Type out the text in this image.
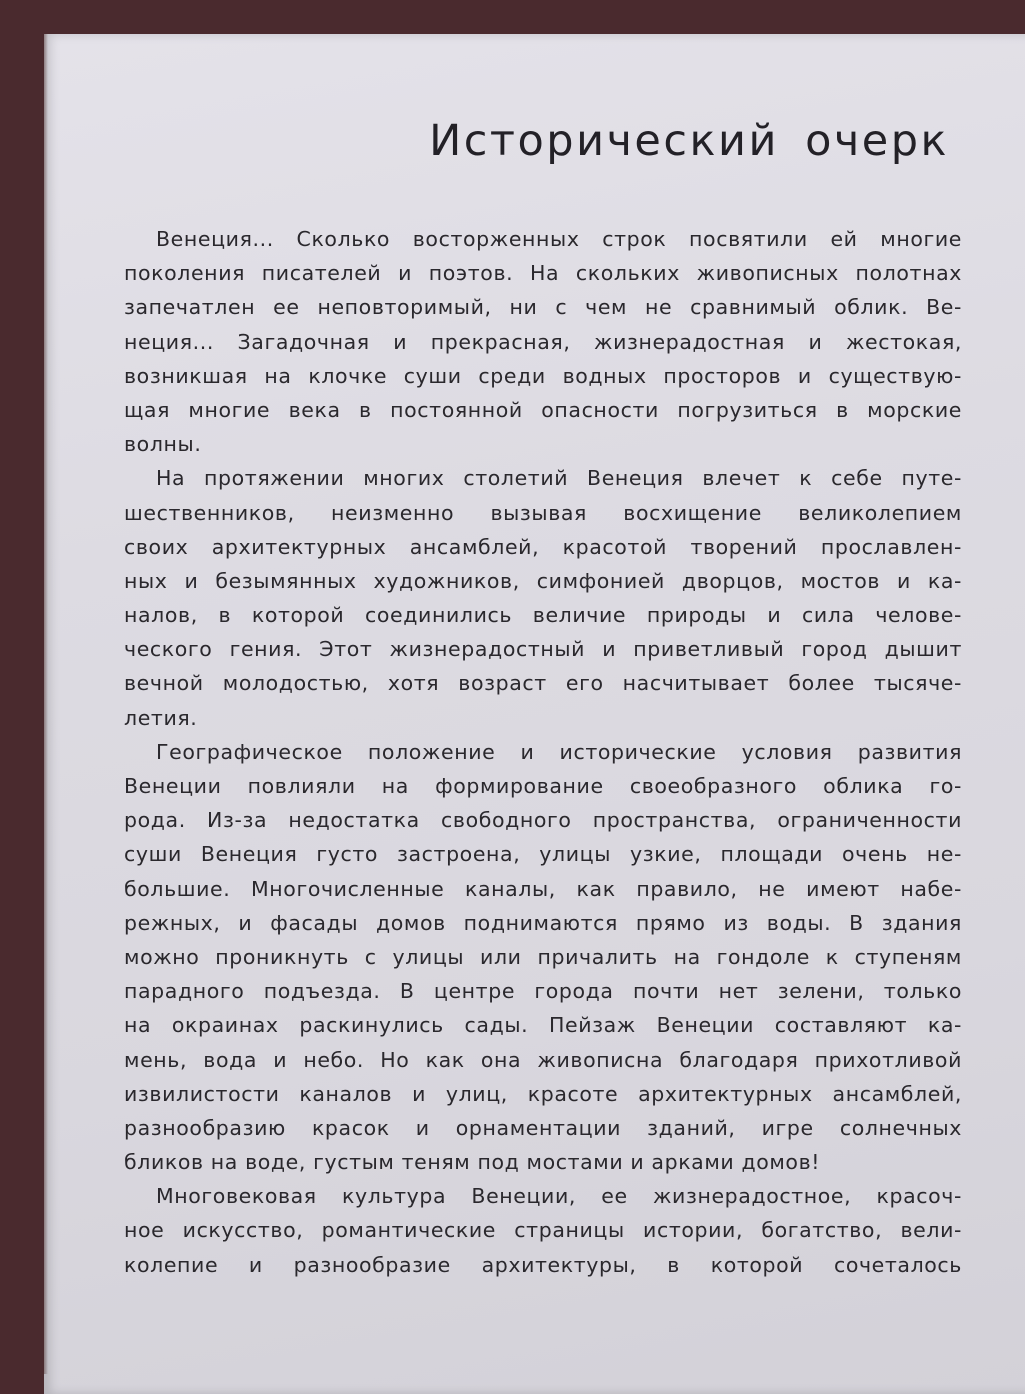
Исторический очерк
Венеция... Сколько восторженных строк посвятили ей многие
поколения писателей и поэтов. На скольких живописных полотнах
запечатлен ее неповторимый, ни с чем не сравнимый облик. Ве-
неция... Загадочная и прекрасная, жизнерадостная и жестокая,
возникшая на клочке суши среди водных просторов и существую-
щая многие века в постоянной опасности погрузиться в морские
волны.
На протяжении многих столетий Венеция влечет к себе путе-
шественников, неизменно вызывая восхищение великолепием
своих архитектурных ансамблей, красотой творений прославлен-
ных и безымянных художников, симфонией дворцов, мостов и ка-
налов, в которой соединились величие природы и сила челове-
ческого гения. Этот жизнерадостный и приветливый город дышит
вечной молодостью, хотя возраст его насчитывает более тысяче-
летия.
Географическое положение и исторические условия развития
Венеции повлияли на формирование своеобразного облика го-
рода. Из-за недостатка свободного пространства, ограниченности
суши Венеция густо застроена, улицы узкие, площади очень не-
большие. Многочисленные каналы, как правило, не имеют набе-
режных, и фасады домов поднимаются прямо из воды. В здания
можно проникнуть с улицы или причалить на гондоле к ступеням
парадного подъезда. В центре города почти нет зелени, только
на окраинах раскинулись сады. Пейзаж Венеции составляют ка-
мень, вода и небо. Но как она живописна благодаря прихотливой
извилистости каналов и улиц, красоте архитектурных ансамблей,
разнообразию красок и орнаментации зданий, игре солнечных
бликов на воде, густым теням под мостами и арками домов!
Многовековая культура Венеции, ее жизнерадостное, красоч-
ное искусство, романтические страницы истории, богатство, вели-
колепие и разнообразие архитектуры, в которой сочеталось
